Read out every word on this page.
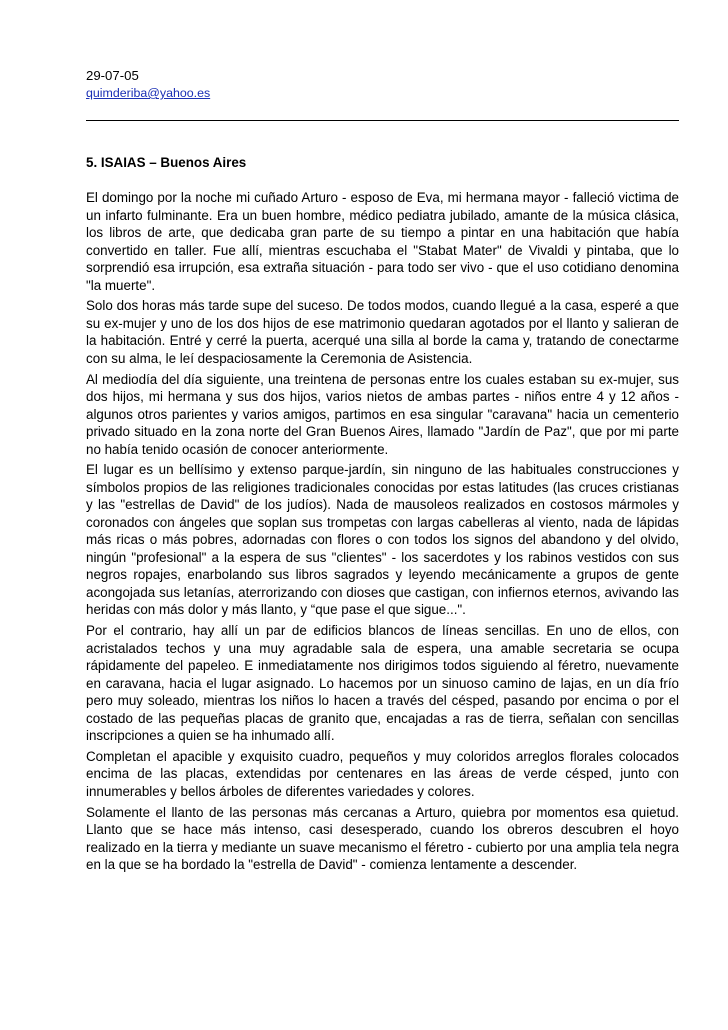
29-07-05

quimderiba@yahoo.es
5. ISAIAS – Buenos Aires

El domingo por la noche mi cuñado Arturo - esposo de Eva, mi hermana mayor - falleció victima de un infarto fulminante. Era un buen hombre, médico pediatra jubilado, amante de la música clásica, los libros de arte, que dedicaba gran parte de su tiempo a pintar en una habitación que había convertido en taller. Fue allí, mientras escuchaba el "Stabat Mater" de Vivaldi y pintaba, que lo sorprendió esa irrupción, esa extraña situación - para todo ser vivo - que el uso cotidiano denomina "la muerte".

Solo dos horas más tarde supe del suceso. De todos modos, cuando llegué a la casa, esperé a que su ex-mujer y uno de los dos hijos de ese matrimonio quedaran agotados por el llanto y salieran de la habitación. Entré y cerré la puerta, acerqué una silla al borde la cama y, tratando de conectarme con su alma, le leí despaciosamente la Ceremonia de Asistencia.

Al mediodía del día siguiente, una treintena de personas entre los cuales estaban su ex-mujer, sus dos hijos, mi hermana y sus dos hijos, varios nietos de ambas partes - niños entre 4 y 12 años - algunos otros parientes y varios amigos, partimos en esa singular "caravana" hacia un cementerio privado situado en la zona norte del Gran Buenos Aires, llamado "Jardín de Paz", que por mi parte no había tenido ocasión de conocer anteriormente.

El lugar es un bellísimo y extenso parque-jardín, sin ninguno de las habituales construcciones y símbolos propios de las religiones tradicionales conocidas por estas latitudes (las cruces cristianas y las "estrellas de David" de los judíos). Nada de mausoleos realizados en costosos mármoles y coronados con ángeles que soplan sus trompetas con largas cabelleras al viento, nada de lápidas más ricas o más pobres, adornadas con flores o con todos los signos del abandono y del olvido, ningún "profesional" a la espera de sus "clientes" - los sacerdotes y los rabinos vestidos con sus negros ropajes, enarbolando sus libros sagrados y leyendo mecánicamente a grupos de gente acongojada sus letanías, aterrorizando con dioses que castigan, con infiernos eternos, avivando las heridas con más dolor y más llanto, y “que pase el que sigue...".

Por el contrario, hay allí un par de edificios blancos de líneas sencillas. En uno de ellos, con acristalados techos y una muy agradable sala de espera, una amable secretaria se ocupa rápidamente del papeleo. E inmediatamente nos dirigimos todos siguiendo al féretro, nuevamente en caravana, hacia el lugar asignado. Lo hacemos por un sinuoso camino de lajas, en un día frío pero muy soleado, mientras los niños lo hacen a través del césped, pasando por encima o por el costado de las pequeñas placas de granito que, encajadas a ras de tierra, señalan con sencillas inscripciones a quien se ha inhumado allí.

Completan el apacible y exquisito cuadro, pequeños y muy coloridos arreglos florales colocados encima de las placas, extendidas por centenares en las áreas de verde césped, junto con innumerables y bellos árboles de diferentes variedades y colores.

Solamente el llanto de las personas más cercanas a Arturo, quiebra por momentos esa quietud. Llanto que se hace más intenso, casi desesperado, cuando los obreros descubren el hoyo realizado en la tierra y mediante un suave mecanismo el féretro - cubierto por una amplia tela negra en la que se ha bordado la "estrella de David" - comienza lentamente a descender.
